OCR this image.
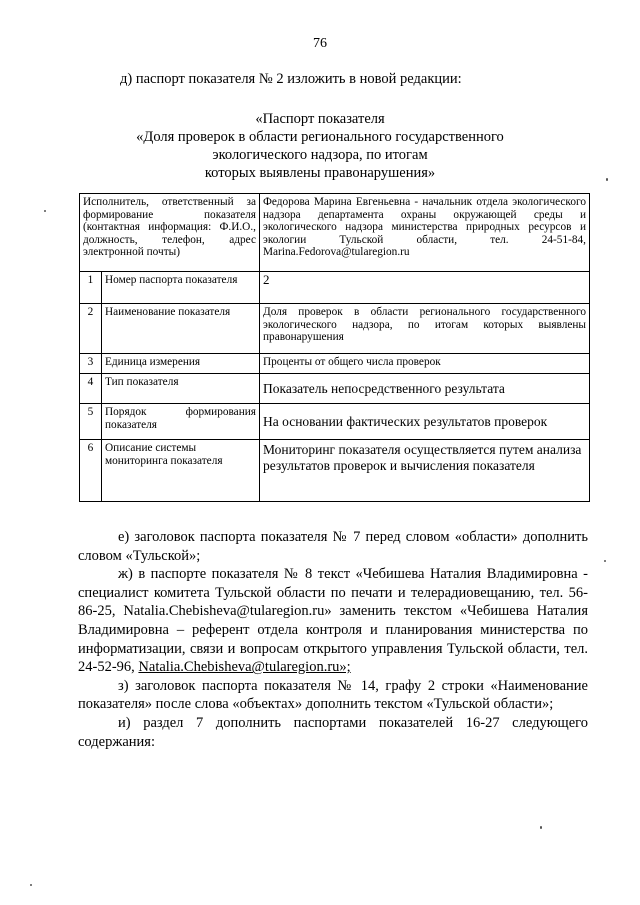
76
д) паспорт показателя № 2 изложить в новой редакции:
«Паспорт показателя
«Доля проверок в области регионального государственного
экологического надзора, по итогам
которых выявлены правонарушения»
Исполнитель, ответственный за формирование показателя (контактная информация: Ф.И.О., должность, телефон, адрес электронной почты)		Федорова Марина Евгеньевна - начальник отдела экологического надзора департамента охраны окружающей среды и экологического надзора министерства природных ресурсов и экологии Тульской области, тел. 24-51-84, Marina.Fedorova@tularegion.ru
1	Номер паспорта показателя	2
2	Наименование показателя	Доля проверок в области регионального государственного экологического надзора, по итогам которых выявлены правонарушения
3	Единица измерения	Проценты от общего числа проверок
4	Тип показателя	Показатель непосредственного результата
5	Порядок формирования показателя	На основании фактических результатов проверок
6	Описание системы мониторинга показателя	Мониторинг показателя осуществляется путем анализа результатов проверок и вычисления показателя
е) заголовок паспорта показателя № 7 перед словом «области» дополнить словом «Тульской»;
ж) в паспорте показателя № 8 текст «Чебишева Наталия Владимировна - специалист комитета Тульской области по печати и телерадиовещанию, тел. 56-86-25, Natalia.Chebisheva@tularegion.ru» заменить текстом «Чебишева Наталия Владимировна – референт отдела контроля и планирования министерства по информатизации, связи и вопросам открытого управления Тульской области, тел. 24-52-96, Natalia.Chebisheva@tularegion.ru»;
з) заголовок паспорта показателя № 14, графу 2 строки «Наименование показателя» после слова «объектах» дополнить текстом «Тульской области»;
и) раздел 7 дополнить паспортами показателей 16-27 следующего содержания:
